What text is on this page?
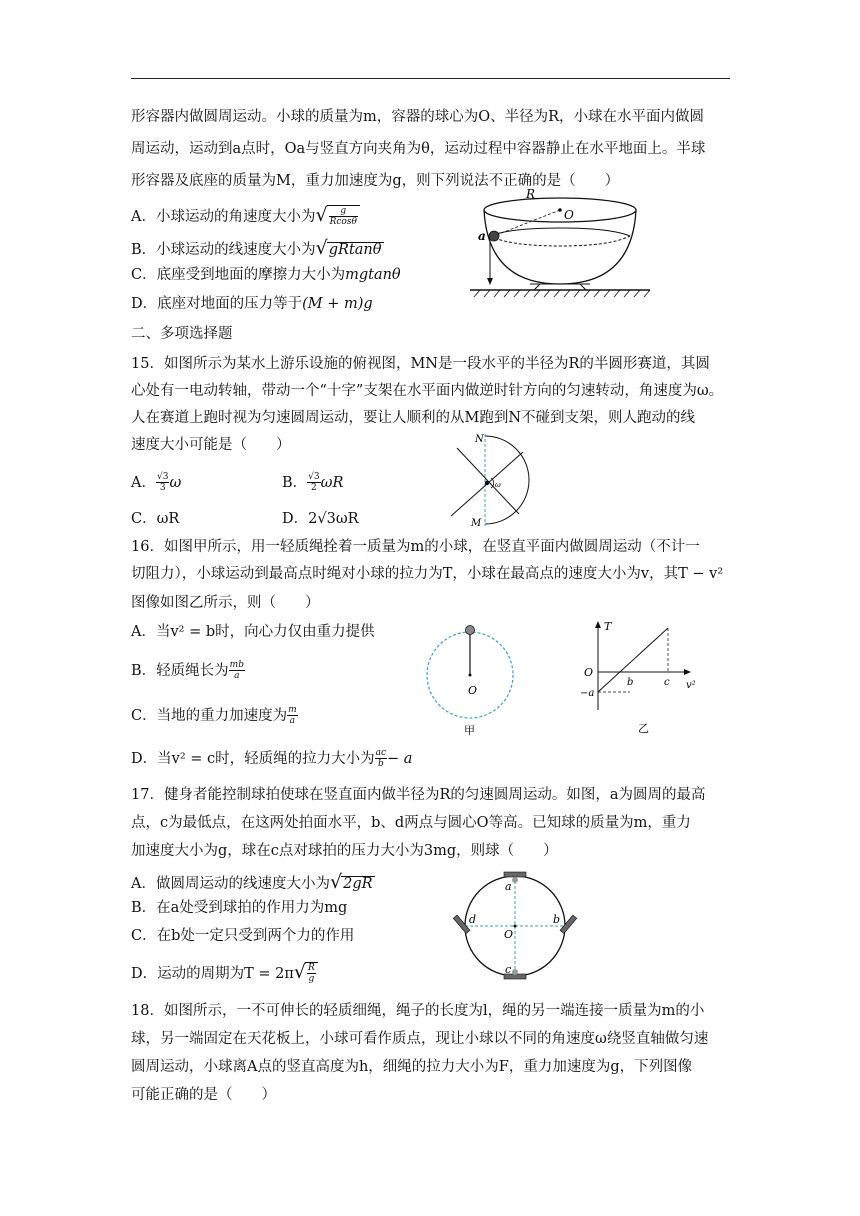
形容器内做圆周运动。小球的质量为m，容器的球心为O、半径为R，小球在水平面内做圆
周运动，运动到a点时，Oa与竖直方向夹角为θ，运动过程中容器静止在水平地面上。半球
形容器及底座的质量为M，重力加速度为g，则下列说法不正确的是（　　）
A．小球运动的角速度大小为√ $\frac{g}{Rcos\theta}$
B．小球运动的线速度大小为√gRtanθ
C．底座受到地面的摩擦力大小为mgtanθ
D．底座对地面的压力等于(M + m)g
R
O
a
二、多项选择题
15．如图所示为某水上游乐设施的俯视图，MN是一段水平的半径为R的半圆形赛道，其圆
心处有一电动转轴，带动一个“十字”支架在水平面内做逆时针方向的匀速转动，角速度为ω。
人在赛道上跑时视为匀速圆周运动，要让人顺利的从M跑到N不碰到支架，则人跑动的线
速度大小可能是（　　）
A． $\frac{√3}{3}$ ω	B． $\frac{√3}{2}$ ωR
C．ωR	D．2√3ωR
N
M
ω
16．如图甲所示，用一轻质绳拴着一质量为m的小球，在竖直平面内做圆周运动（不计一
切阻力），小球运动到最高点时绳对小球的拉力为T，小球在最高点的速度大小为v，其T − v²
图像如图乙所示，则（　　）
A．当v² = b时，向心力仅由重力提供
B．轻质绳长为 $\frac{mb}{a}$
C．当地的重力加速度为 $\frac{m}{a}$
D．当v² = c时，轻质绳的拉力大小为 $\frac{ac}{b} - a$
O
甲
T
O
−a
b	c v²
乙
17．健身者能控制球拍使球在竖直面内做半径为R的匀速圆周运动。如图，a为圆周的最高
点，c为最低点，在这两处拍面水平，b、d两点与圆心O等高。已知球的质量为m，重力
加速度大小为g，球在c点对球拍的压力大小为3mg，则球（　　）
A．做圆周运动的线速度大小为√2gR
B．在a处受到球拍的作用力为mg
C．在b处一定只受到两个力的作用
D．运动的周期为$T = 2\pi√ \frac{R}{g}$
a
b
c
d
O
18．如图所示，一不可伸长的轻质细绳，绳子的长度为l，绳的另一端连接一质量为m的小
球，另一端固定在天花板上，小球可看作质点，现让小球以不同的角速度ω绕竖直轴做匀速
圆周运动，小球离A点的竖直高度为h，细绳的拉力大小为F，重力加速度为g，下列图像
可能正确的是（　　）
